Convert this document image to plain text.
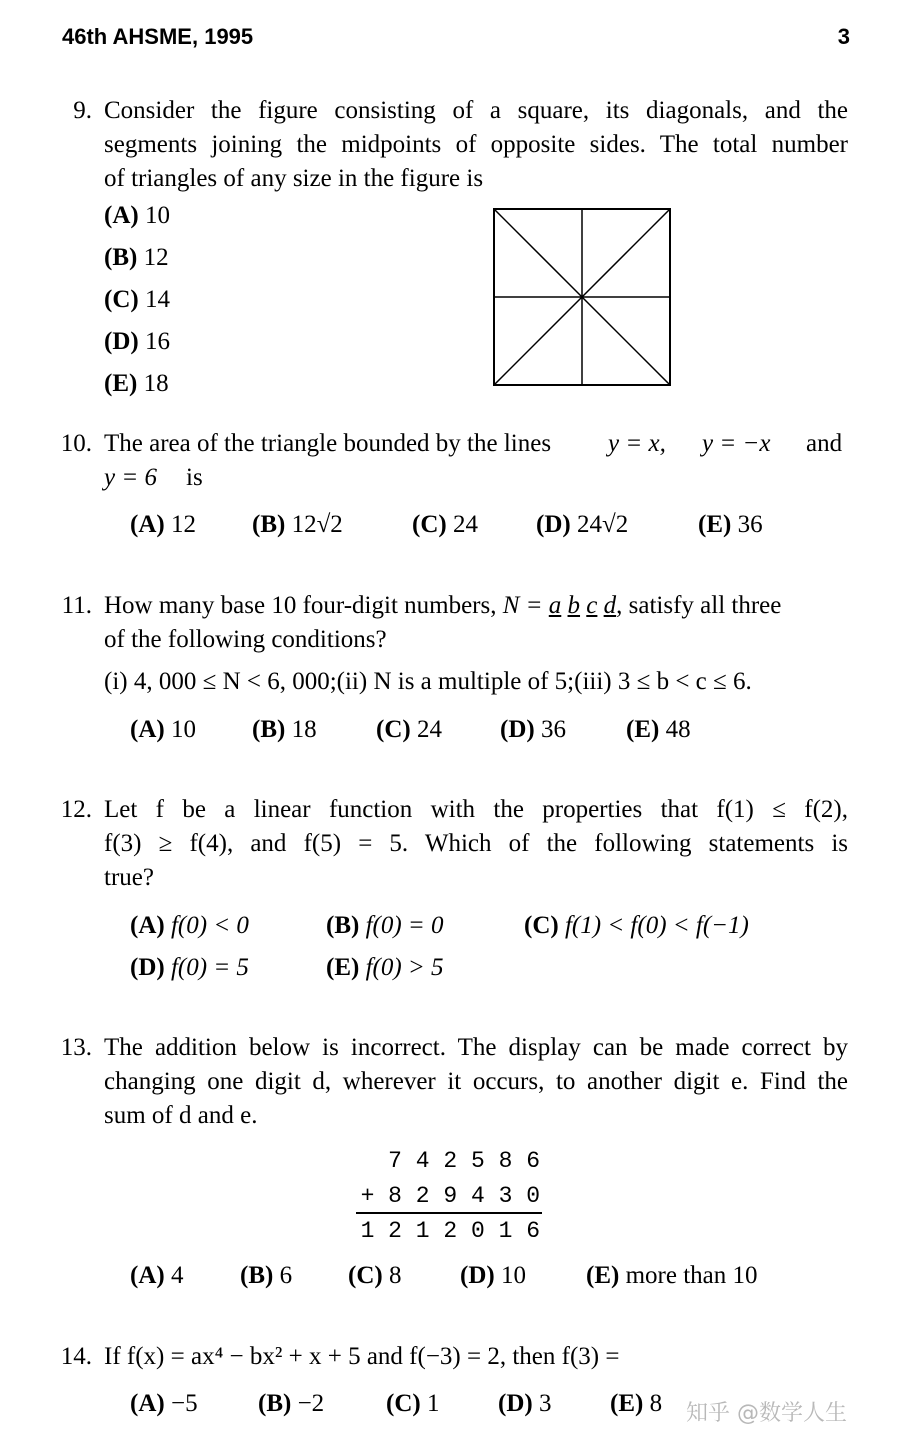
46th AHSME, 1995	3
9. Consider the figure consisting of a square, its diagonals, and the
segments joining the midpoints of opposite sides. The total number
of triangles of any size in the figure is
(A) 10
(B) 12
(C) 14
(D) 16
(E) 18
10. The area of the triangle bounded by the lines y = x, y = −x and
y = 6 is
(A) 12 (B) 12√2	(C) 24 (D) 24√2	(E) 36
11. How many base 10 four-digit numbers, N = a b c d, satisfy all three
of the following conditions?
(i) 4, 000 ≤ N < 6, 000;(ii) N is a multiple of 5;(iii) 3 ≤ b < c ≤ 6.
(A) 10 (B) 18 (C) 24 (D) 36 (E) 48
12. Let f be a linear function with the properties that f(1) ≤ f(2),
f(3) ≥ f(4), and f(5) = 5. Which of the following statements is
true?
(A) f(0) < 0	(B) f(0) = 0	(C) f(1) < f(0) < f(−1)
(D) f(0) = 5	(E) f(0) > 5
13. The addition below is incorrect. The display can be made correct by
changing one digit d, wherever it occurs, to another digit e. Find the
sum of d and e.
7 4 2 5 8 6
+ 8 2 9 4 3 0
1 2 1 2 0 1 6
(A) 4 (B) 6 (C) 8 (D) 10 (E) more than 10
14. If f(x) = ax⁴ − bx² + x + 5 and f(−3) = 2, then f(3) =
(A) −5 (B) −2 (C) 1 (D) 3 (E) 8 知乎 @数学人生
